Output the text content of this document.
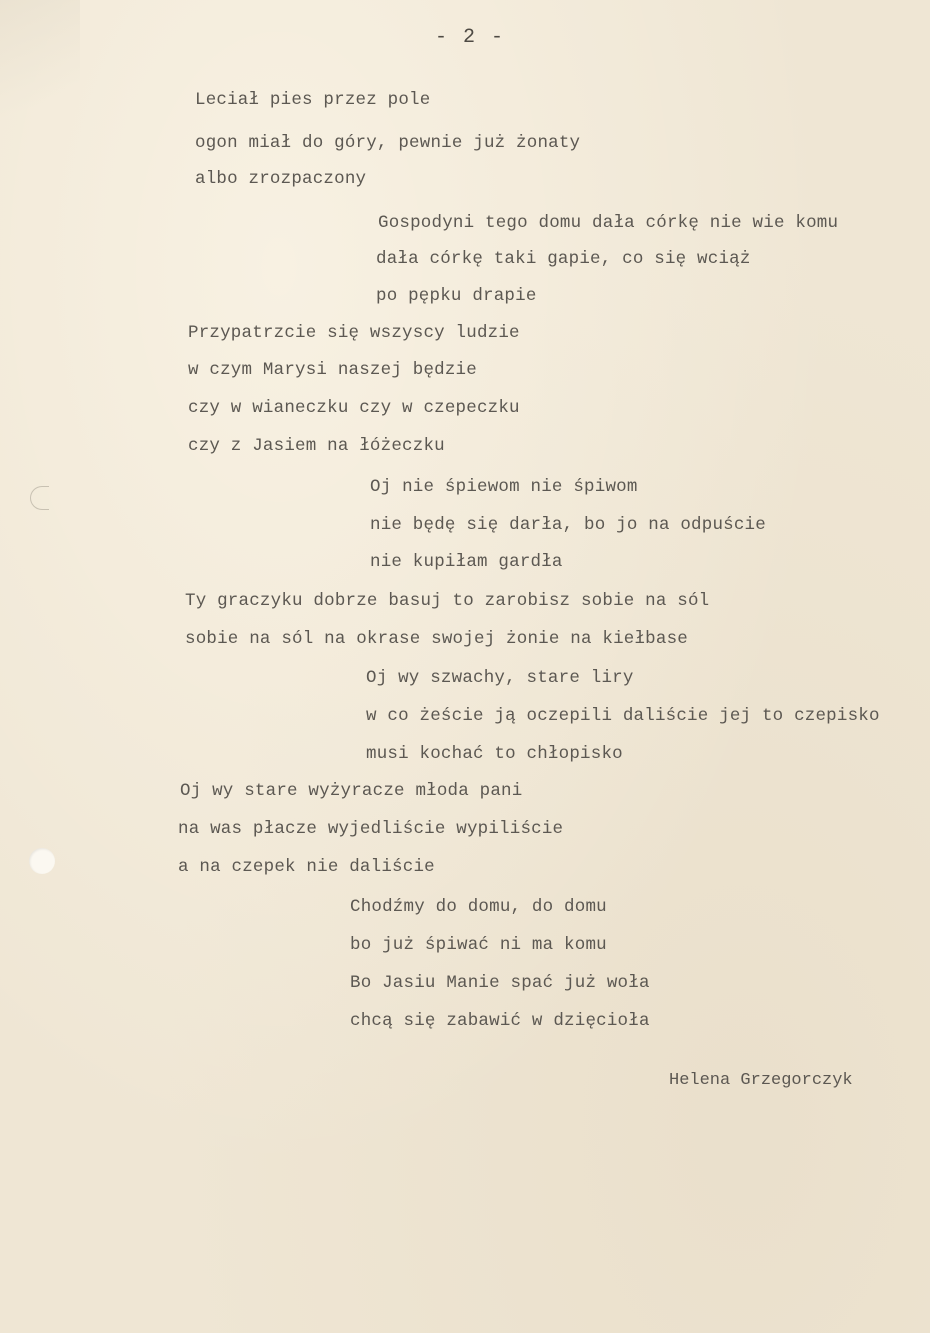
- 2 -
Leciał pies przez pole
ogon miał do góry, pewnie już żonaty
albo zrozpaczony
Gospodyni tego domu dała córkę nie wie komu
dała córkę taki gapie, co się wciąż
po pępku drapie
Przypatrzcie się wszyscy ludzie
w czym Marysi naszej będzie
czy w wianeczku czy w czepeczku
czy z Jasiem na łóżeczku
Oj nie śpiewom nie śpiwom
nie będę się darła, bo jo na odpuście
nie kupiłam gardła
Ty graczyku dobrze basuj to zarobisz sobie na sól
sobie na sól na okrase swojej żonie na kiełbase
Oj wy szwachy, stare liry
w co żeście ją oczepili daliście jej to czepisko
musi kochać to chłopisko
Oj wy stare wyżyracze młoda pani
na was płacze wyjedliście wypiliście
a na czepek nie daliście
Chodźmy do domu, do domu
bo już śpiwać ni ma komu
Bo Jasiu Manie spać już woła
chcą się zabawić w dzięcioła
Helena Grzegorczyk
